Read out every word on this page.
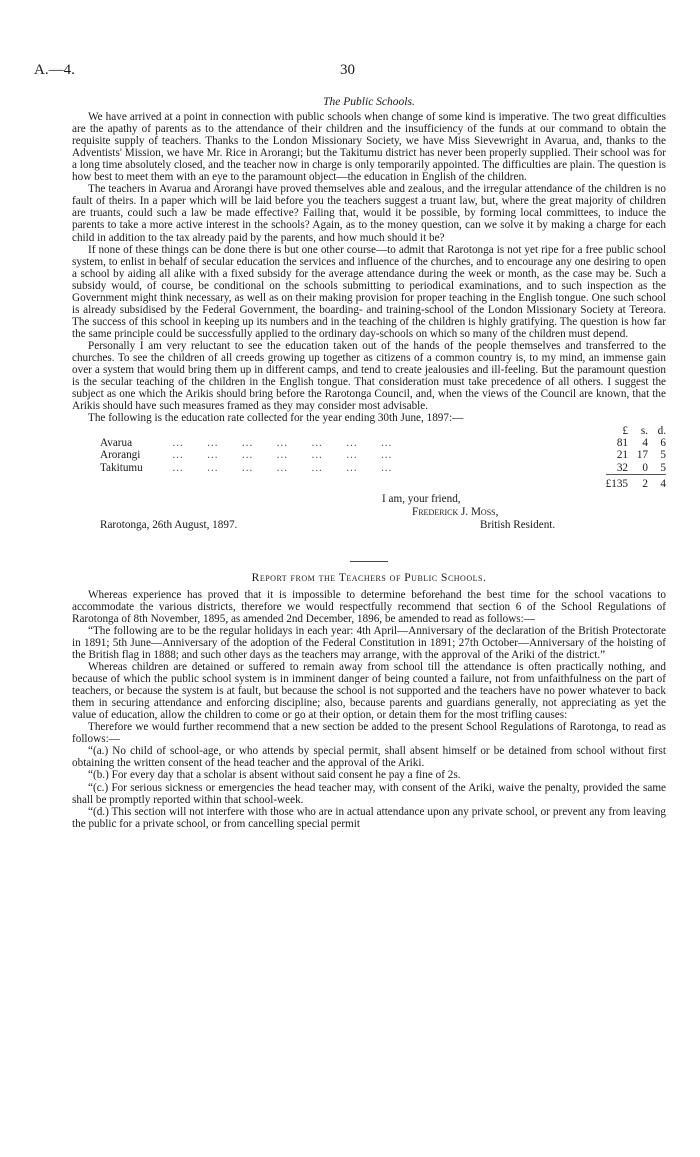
A.—4.	30
The Public Schools.

We have arrived at a point in connection with public schools when change of some kind is imperative. The two great difficulties are the apathy of parents as to the attendance of their children and the insufficiency of the funds at our command to obtain the requisite supply of teachers. Thanks to the London Missionary Society, we have Miss Sievewright in Avarua, and, thanks to the Adventists' Mission, we have Mr. Rice in Arorangi; but the Takitumu district has never been properly supplied. Their school was for a long time absolutely closed, and the teacher now in charge is only temporarily appointed. The difficulties are plain. The question is how best to meet them with an eye to the paramount object—the education in English of the children.

The teachers in Avarua and Arorangi have proved themselves able and zealous, and the irregular attendance of the children is no fault of theirs. In a paper which will be laid before you the teachers suggest a truant law, but, where the great majority of children are truants, could such a law be made effective? Failing that, would it be possible, by forming local committees, to induce the parents to take a more active interest in the schools? Again, as to the money question, can we solve it by making a charge for each child in addition to the tax already paid by the parents, and how much should it be?

If none of these things can be done there is but one other course—to admit that Rarotonga is not yet ripe for a free public school system, to enlist in behalf of secular education the services and influence of the churches, and to encourage any one desiring to open a school by aiding all alike with a fixed subsidy for the average attendance during the week or month, as the case may be. Such a subsidy would, of course, be conditional on the schools submitting to periodical examinations, and to such inspection as the Government might think necessary, as well as on their making provision for proper teaching in the English tongue. One such school is already subsidised by the Federal Government, the boarding- and training-school of the London Missionary Society at Tereora. The success of this school in keeping up its numbers and in the teaching of the children is highly gratifying. The question is how far the same principle could be successfully applied to the ordinary day-schools on which so many of the children must depend.

Personally I am very reluctant to see the education taken out of the hands of the people themselves and transferred to the churches. To see the children of all creeds growing up together as citizens of a common country is, to my mind, an immense gain over a system that would bring them up in different camps, and tend to create jealousies and ill-feeling. But the paramount question is the secular teaching of the children in the English tongue. That consideration must take precedence of all others. I suggest the subject as one which the Arikis should bring before the Rarotonga Council, and, when the views of the Council are known, that the Arikis should have such measures framed as they may consider most advisable.

The following is the education rate collected for the year ending 30th June, 1897:—

		£	s.	d.
Avarua	…       …       …       …       …       …       …	81	4	6
Arorangi	…       …       …       …       …       …       …	21	17	5
Takitumu	…       …       …       …       …       …       …	32	0	5
		£135	2	4
I am, your friend,
Frederick J. Moss,
Rarotonga, 26th August, 1897.	British Resident.
Report from the Teachers of Public Schools.

Whereas experience has proved that it is impossible to determine beforehand the best time for the school vacations to accommodate the various districts, therefore we would respectfully recommend that section 6 of the School Regulations of Rarotonga of 8th November, 1895, as amended 2nd December, 1896, be amended to read as follows:—

“The following are to be the regular holidays in each year: 4th April—Anniversary of the declaration of the British Protectorate in 1891; 5th June—Anniversary of the adoption of the Federal Constitution in 1891; 27th October—Anniversary of the hoisting of the British flag in 1888; and such other days as the teachers may arrange, with the approval of the Ariki of the district.”

Whereas children are detained or suffered to remain away from school till the attendance is often practically nothing, and because of which the public school system is in imminent danger of being counted a failure, not from unfaithfulness on the part of teachers, or because the system is at fault, but because the school is not supported and the teachers have no power whatever to back them in securing attendance and enforcing discipline; also, because parents and guardians generally, not appreciating as yet the value of education, allow the children to come or go at their option, or detain them for the most trifling causes:

Therefore we would further recommend that a new section be added to the present School Regulations of Rarotonga, to read as follows:—

“(a.) No child of school-age, or who attends by special permit, shall absent himself or be detained from school without first obtaining the written consent of the head teacher and the approval of the Ariki.

“(b.) For every day that a scholar is absent without said consent he pay a fine of 2s.

“(c.) For serious sickness or emergencies the head teacher may, with consent of the Ariki, waive the penalty, provided the same shall be promptly reported within that school-week.

“(d.) This section will not interfere with those who are in actual attendance upon any private school, or prevent any from leaving the public for a private school, or from cancelling special permit
